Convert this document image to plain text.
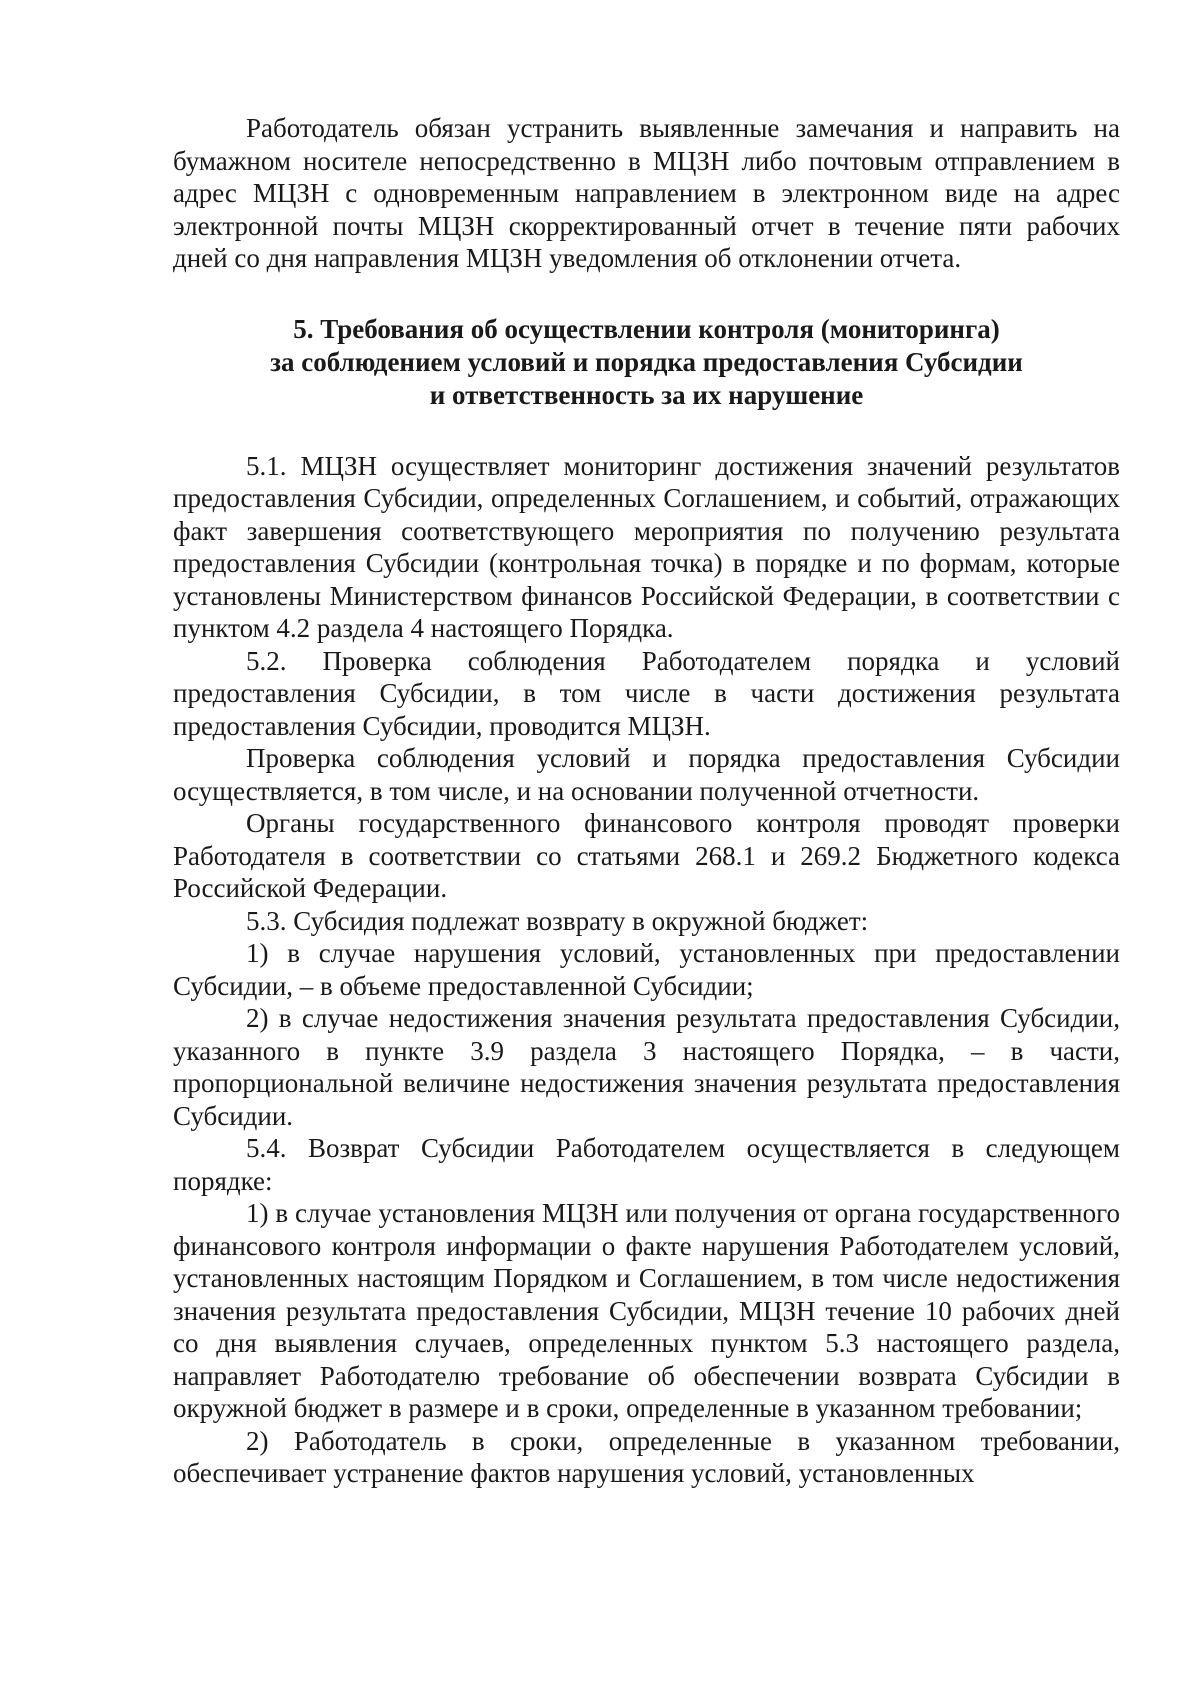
Работодатель обязан устранить выявленные замечания и направить на бумажном носителе непосредственно в МЦЗН либо почтовым отправлением в адрес МЦЗН с одновременным направлением в электронном виде на адрес электронной почты МЦЗН скорректированный отчет в течение пяти рабочих дней со дня направления МЦЗН уведомления об отклонении отчета.

5. Требования об осуществлении контроля (мониторинга)
за соблюдением условий и порядка предоставления Субсидии
и ответственность за их нарушение

5.1. МЦЗН осуществляет мониторинг достижения значений результатов предоставления Субсидии, определенных Соглашением, и событий, отражающих факт завершения соответствующего мероприятия по получению результата предоставления Субсидии (контрольная точка) в порядке и по формам, которые установлены Министерством финансов Российской Федерации, в соответствии с пунктом 4.2 раздела 4 настоящего Порядка.

5.2. Проверка соблюдения Работодателем порядка и условий предоставления Субсидии, в том числе в части достижения результата предоставления Субсидии, проводится МЦЗН.

Проверка соблюдения условий и порядка предоставления Субсидии осуществляется, в том числе, и на основании полученной отчетности.

Органы государственного финансового контроля проводят проверки Работодателя в соответствии со статьями 268.1 и 269.2 Бюджетного кодекса Российской Федерации.

5.3. Субсидия подлежат возврату в окружной бюджет:

1) в случае нарушения условий, установленных при предоставлении Субсидии, – в объеме предоставленной Субсидии;

2) в случае недостижения значения результата предоставления Субсидии, указанного в пункте 3.9 раздела 3 настоящего Порядка, – в части, пропорциональной величине недостижения значения результата предоставления Субсидии.

5.4. Возврат Субсидии Работодателем осуществляется в следующем порядке:

1) в случае установления МЦЗН или получения от органа государственного финансового контроля информации о факте нарушения Работодателем условий, установленных настоящим Порядком и Соглашением, в том числе недостижения значения результата предоставления Субсидии, МЦЗН течение 10 рабочих дней со дня выявления случаев, определенных пунктом 5.3 настоящего раздела, направляет Работодателю требование об обеспечении возврата Субсидии в окружной бюджет в размере и в сроки, определенные в указанном требовании;

2) Работодатель в сроки, определенные в указанном требовании, обеспечивает устранение фактов нарушения условий, установленных
